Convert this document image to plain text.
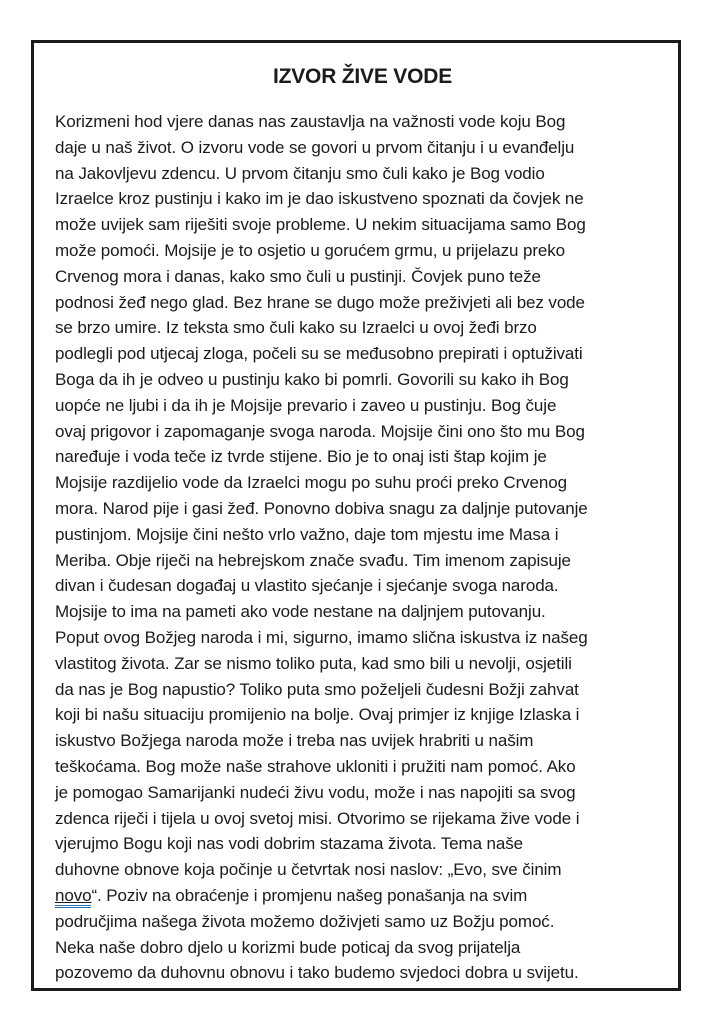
IZVOR ŽIVE VODE
Korizmeni hod vjere danas nas zaustavlja na važnosti vode koju Bog
daje u naš život. O izvoru vode se govori u prvom čitanju i u evanđelju
na Jakovljevu zdencu. U prvom čitanju smo čuli kako je Bog vodio
Izraelce kroz pustinju i kako im je dao iskustveno spoznati da čovjek ne
može uvijek sam riješiti svoje probleme. U nekim situacijama samo Bog
može pomoći. Mojsije je to osjetio u gorućem grmu, u prijelazu preko
Crvenog mora i danas, kako smo čuli u pustinji. Čovjek puno teže
podnosi žeđ nego glad. Bez hrane se dugo može preživjeti ali bez vode
se brzo umire. Iz teksta smo čuli kako su Izraelci u ovoj žeđi brzo
podlegli pod utjecaj zloga, počeli su se međusobno prepirati i optuživati
Boga da ih je odveo u pustinju kako bi pomrli. Govorili su kako ih Bog
uopće ne ljubi i da ih je Mojsije prevario i zaveo u pustinju. Bog čuje
ovaj prigovor i zapomaganje svoga naroda. Mojsije čini ono što mu Bog
naređuje i voda teče iz tvrde stijene. Bio je to onaj isti štap kojim je
Mojsije razdijelio vode da Izraelci mogu po suhu proći preko Crvenog
mora. Narod pije i gasi žeđ. Ponovno dobiva snagu za daljnje putovanje
pustinjom. Mojsije čini nešto vrlo važno, daje tom mjestu ime Masa i
Meriba. Obje riječi na hebrejskom znače svađu. Tim imenom zapisuje
divan i čudesan događaj u vlastito sjećanje i sjećanje svoga naroda.
Mojsije to ima na pameti ako vode nestane na daljnjem putovanju.
Poput ovog Božjeg naroda i mi, sigurno, imamo slična iskustva iz našeg
vlastitog života. Zar se nismo toliko puta, kad smo bili u nevolji, osjetili
da nas je Bog napustio? Toliko puta smo poželjeli čudesni Božji zahvat
koji bi našu situaciju promijenio na bolje. Ovaj primjer iz knjige Izlaska i
iskustvo Božjega naroda može i treba nas uvijek hrabriti u našim
teškoćama. Bog može naše strahove ukloniti i pružiti nam pomoć. Ako
je pomogao Samarijanki nudeći živu vodu, može i nas napojiti sa svog
zdenca riječi i tijela u ovoj svetoj misi. Otvorimo se rijekama žive vode i
vjerujmo Bogu koji nas vodi dobrim stazama života. Tema naše
duhovne obnove koja počinje u četvrtak nosi naslov: „Evo, sve činim
novo“. Poziv na obraćenje i promjenu našeg ponašanja na svim
područjima našega života možemo doživjeti samo uz Božju pomoć.
Neka naše dobro djelo u korizmi bude poticaj da svog prijatelja
pozovemo da duhovnu obnovu i tako budemo svjedoci dobra u svijetu.
